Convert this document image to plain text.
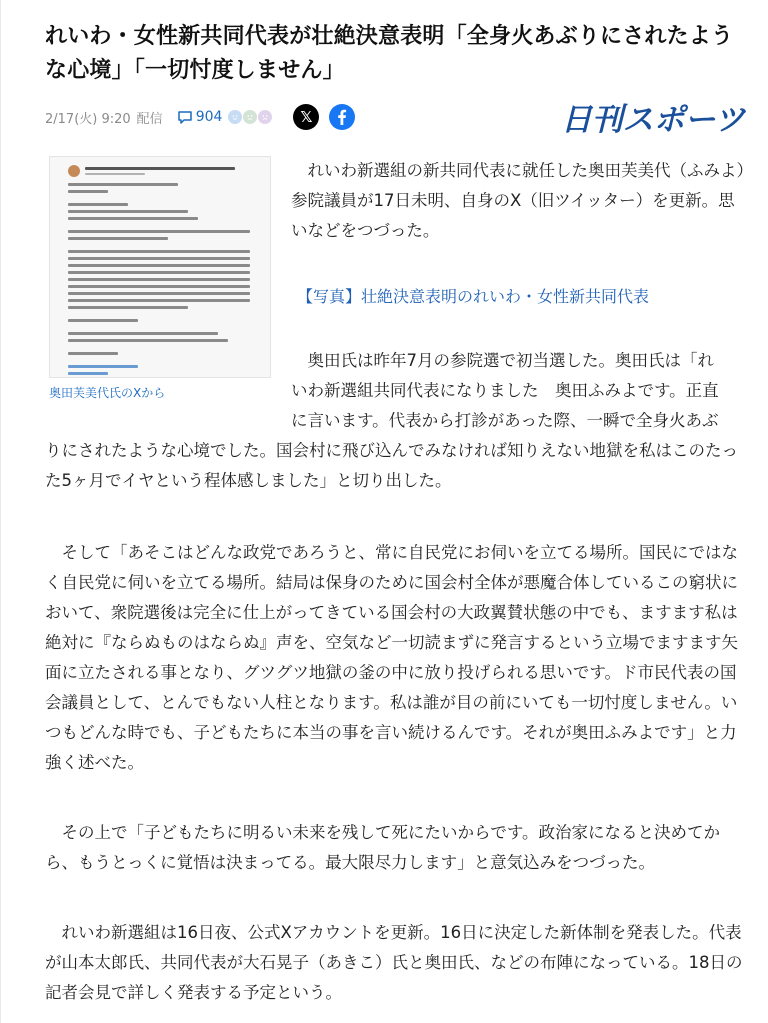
れいわ・女性新共同代表が壮絶決意表明「全身火あぶりにされたような心境」「一切忖度しません」
2/17(火) 9:20 配信 904	𝕏	日刊スポーツ
奥田芙美代氏のXから

れいわ新選組の新共同代表に就任した奥田芙美代（ふみよ）参院議員が17日未明、自身のX（旧ツイッター）を更新。思いなどをつづった。

【写真】壮絶決意表明のれいわ・女性新共同代表
奥田氏は昨年7月の参院選で初当選した。奥田氏は「れ
いわ新選組共同代表になりました　奥田ふみよです。正直
に言います。代表から打診があった際、一瞬で全身火あぶ
りにされたような心境でした。国会村に飛び込んでみなければ知りえない地獄を私はこのたった5ヶ月でイヤという程体感しました」と切り出した。

そして「あそこはどんな政党であろうと、常に自民党にお伺いを立てる場所。国民にではなく自民党に伺いを立てる場所。結局は保身のために国会村全体が悪魔合体しているこの窮状において、衆院選後は完全に仕上がってきている国会村の大政翼賛状態の中でも、ますます私は絶対に『ならぬものはならぬ』声を、空気など一切読まずに発言するという立場でますます矢面に立たされる事となり、グツグツ地獄の釜の中に放り投げられる思いです。ド市民代表の国会議員として、とんでもない人柱となります。私は誰が目の前にいても一切忖度しません。いつもどんな時でも、子どもたちに本当の事を言い続けるんです。それが奥田ふみよです」と力強く述べた。

その上で「子どもたちに明るい未来を残して死にたいからです。政治家になると決めてから、もうとっくに覚悟は決まってる。最大限尽力します」と意気込みをつづった。

れいわ新選組は16日夜、公式Xアカウントを更新。16日に決定した新体制を発表した。代表が山本太郎氏、共同代表が大石晃子（あきこ）氏と奥田氏、などの布陣になっている。18日の記者会見で詳しく発表する予定という。
